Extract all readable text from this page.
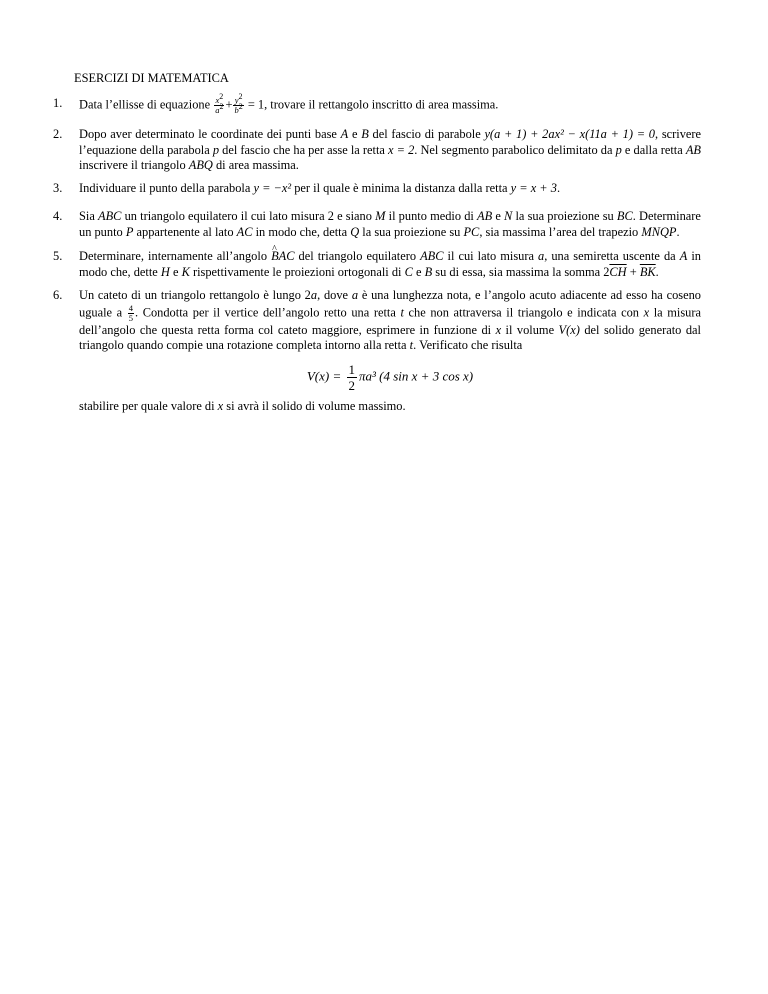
ESERCIZI DI MATEMATICA
1.	Data l’ellisse di equazione $\frac{x^2}{a^2} + \frac{y^2}{b^2} = 1$, trovare il rettangolo inscritto di area massima.
2.	Dopo aver determinato le coordinate dei punti base A e B del fascio di parabole y(a + 1) + 2ax² − x(11a + 1) = 0, scrivere l’equazione della parabola p del fascio che ha per asse la retta x = 2. Nel segmento parabolico delimitato da p e dalla retta AB inscrivere il triangolo ABQ di area massima.
3.	Individuare il punto della parabola y = −x² per il quale è minima la distanza dalla retta y = x + 3.
4.	Sia ABC un triangolo equilatero il cui lato misura 2 e siano M il punto medio di AB e N la sua proiezione su BC. Determinare un punto P appartenente al lato AC in modo che, detta Q la sua proiezione su PC, sia massima l’area del trapezio MNQP.
5.	Determinare, internamente all’angolo ^ BAC del triangolo equilatero ABC il cui lato misura a, una semiretta uscente da A in modo che, dette H e K rispettivamente le proiezioni ortogonali di C e B su di essa, sia massima la somma $2\overline{CH} + \overline{BK}$.
6.	Un cateto di un triangolo rettangolo è lungo 2a, dove a è una lunghezza nota, e l’angolo acuto adiacente ad esso ha coseno uguale a $\frac{4}{5}$ . Condotta per il vertice dell’angolo retto una retta t che non attraversa il triangolo e indicata con x la misura dell’angolo che questa retta forma col cateto maggiore, esprimere in funzione di x il volume V(x) del solido generato dal triangolo quando compie una rotazione completa intorno alla retta t. Verificato che risulta
$V(x) = \frac{1}{2} \pi a^3$ (4 sin x + 3 cos x)
stabilire per quale valore di x si avrà il solido di volume massimo.
